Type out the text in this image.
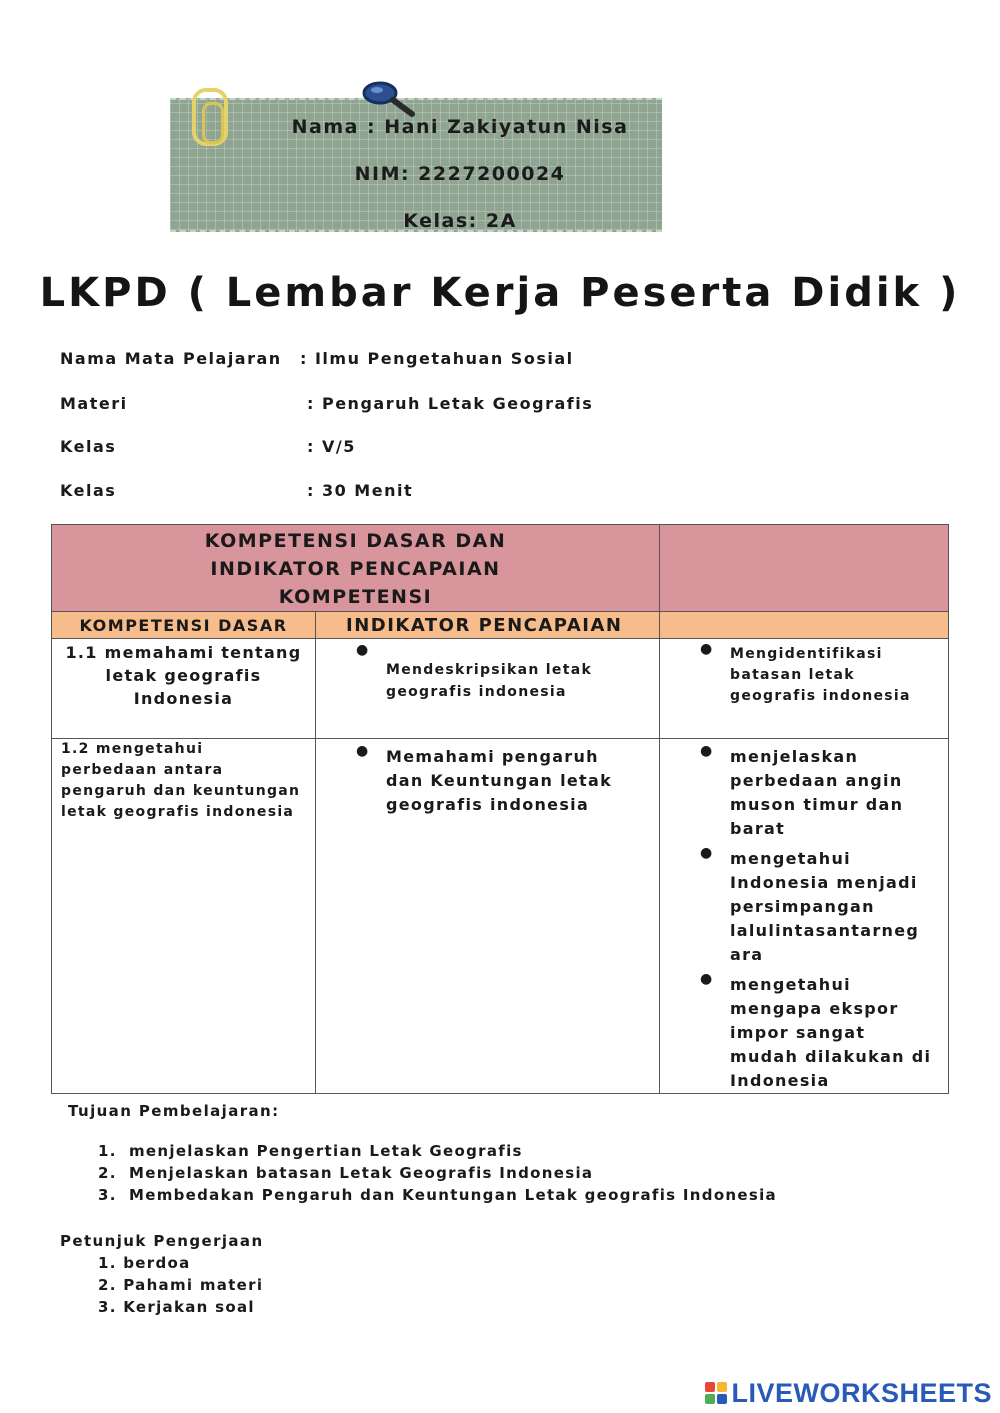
Nama : Hani Zakiyatun Nisa
NIM: 2227200024
Kelas: 2A
LKPD ( Lembar Kerja Peserta Didik )
Nama Mata Pelajaran : Ilmu Pengetahuan Sosial
Materi	: Pengaruh Letak Geografis
Kelas	: V/5
Kelas	: 30 Menit
KOMPETENSI DASAR DAN INDIKATOR PENCAPAIAN KOMPETENSI		

KOMPETENSI DASAR	INDIKATOR PENCAPAIAN	

1.1 memahami tentang letak geografis Indonesia	● Mendeskripsikan letak geografis indonesia	● Mengidentifikasi batasan letak geografis indonesia

1.2 mengetahui perbedaan antara pengaruh dan keuntungan letak geografis indonesia	● Memahami pengaruh dan Keuntungan letak geografis indonesia	● menjelaskan perbedaan angin muson timur dan barat
● mengetahui Indonesia menjadi persimpangan lalulintasantarneg ara
● mengetahui mengapa ekspor impor sangat mudah dilakukan di Indonesia
Tujuan Pembelajaran:
1. menjelaskan Pengertian Letak Geografis
2. Menjelaskan batasan Letak Geografis Indonesia
3. Membedakan Pengaruh dan Keuntungan Letak geografis Indonesia
Petunjuk Pengerjaan
1. berdoa
2. Pahami materi
3. Kerjakan soal
LIVEWORKSHEETS
